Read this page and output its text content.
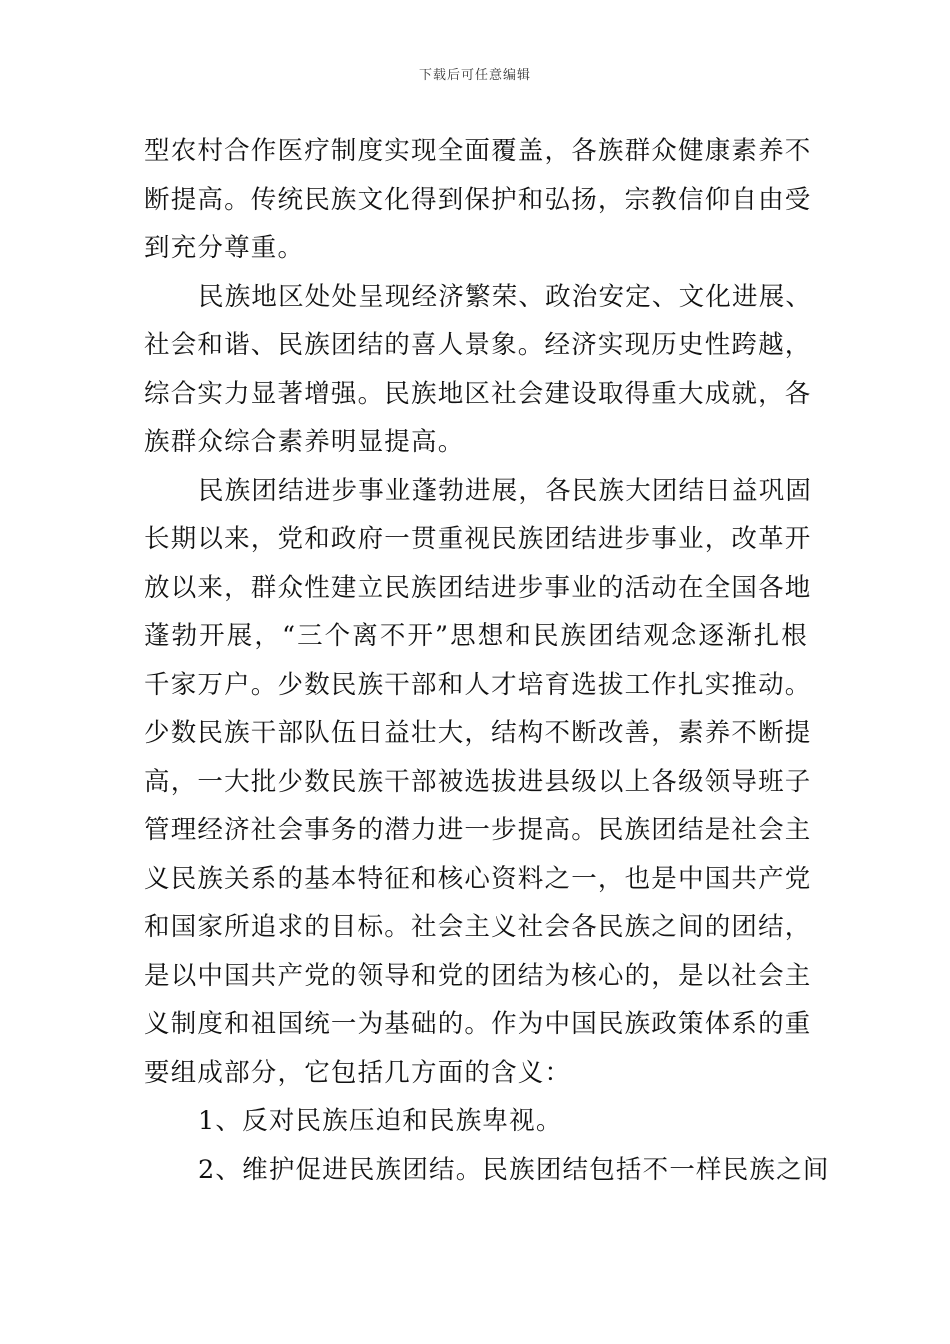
下载后可任意编辑
型农村合作医疗制度实现全面覆盖，各族群众健康素养不
断提高。传统民族文化得到保护和弘扬，宗教信仰自由受
到充分尊重。
民族地区处处呈现经济繁荣、政治安定、文化进展、
社会和谐、民族团结的喜人景象。经济实现历史性跨越，
综合实力显著增强。民族地区社会建设取得重大成就，各
族群众综合素养明显提高。
民族团结进步事业蓬勃进展，各民族大团结日益巩固
长期以来，党和政府一贯重视民族团结进步事业，改革开
放以来，群众性建立民族团结进步事业的活动在全国各地
蓬勃开展，“三个离不开”思想和民族团结观念逐渐扎根
千家万户。少数民族干部和人才培育选拔工作扎实推动。
少数民族干部队伍日益壮大，结构不断改善，素养不断提
高，一大批少数民族干部被选拔进县级以上各级领导班子
管理经济社会事务的潜力进一步提高。民族团结是社会主
义民族关系的基本特征和核心资料之一，也是中国共产党
和国家所追求的目标。社会主义社会各民族之间的团结，
是以中国共产党的领导和党的团结为核心的，是以社会主
义制度和祖国统一为基础的。作为中国民族政策体系的重
要组成部分，它包括几方面的含义：
1、反对民族压迫和民族卑视。
2、维护促进民族团结。民族团结包括不一样民族之间
